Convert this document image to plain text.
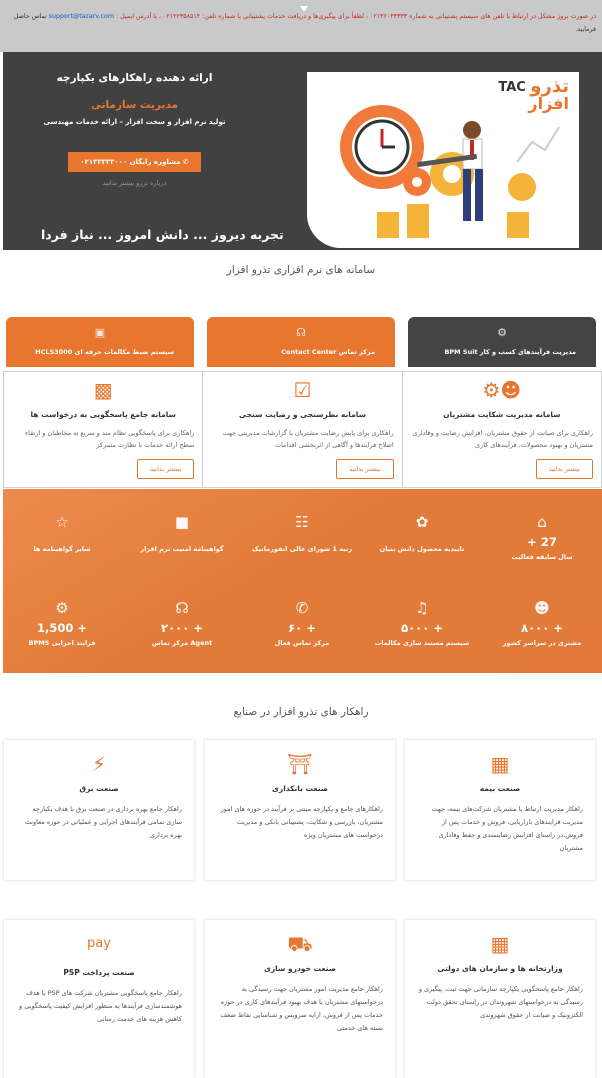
در صورت بروز مشکل در ارتباط با تلفن های سیستم پشتیبانی به شماره ۰۲۱۳۶۰۳۳۳۳۳ ، لطفاً برای پیگیری‌ها و دریافت خدمات پشتیبانی با شماره تلفن: ۰۲۱۲۲۳۵۸۵۱۴ ، یا آدرس ایمیل : support@tazarv.com تماس حاصل فرمایید.
تذرو
افزار
TAC
ارائه دهنده راهکارهای یکپارچه
مدیریت سازمانی
تولید نرم افزار و سخت افزار – ارائه خدمات مهندسی
✆ مشاوره رایگان ۰۲۱۳۳۳۳۳۰۰۰
درباره تزرو بیشتر بدانید
تجربه دیروز ... دانش امروز ... نیاز فردا
سامانه های نرم افزاری تذرو افزار
⚙
مدیریت فرآیندهای کسب و کار BPM Suit
☊
مرکز تماس Contact Center
▣
سیستم ضبط مکالمات حرفه ای HCLS3000
☻⚙
سامانه مدیریت شکایت مشتریان
راهکاری برای صیانت از حقوق مشتریان، افزایش رضایت و وفاداری مشتریان و بهبود محصولات، فرآیندهای کاری
بیشتر بدانید
☑
سامانه نظرسنجی و رضایت سنجی
راهکاری برای پایش رضایت مشتریان با گزارشات مدیریتی جهت اصلاح فرایندها و آگاهی از اثربخشی اقدامات
بیشتر بدانید
▩
سامانه جامع پاسخگویی به درخواست ها
راهکاری برای پاسخگویی نظام مند و سریع به مخاطبان و ارتقاء سطح ارائه خدمات با نظارت متمرکز
بیشتر بدانید
⌂
27 +
سال سابقه فعالیت
✿
تاییدیه محصول دانش بنیان
☷
رتبه 1 شورای عالی انفورماتیک
■
گواهینامه امنیت نرم افزار
☆
سایر گواهینامه ها
☻
+ ۸۰۰۰
مشتری در سراسر کشور
♫
+ ۵۰۰۰
سیستم مستند سازی مکالمات
✆
+ ۶۰
مرکز تماس فعال
☊
+ ۲۰۰۰
Agent مرکز تماس
⚙
+ 1,500
فرایند اجرایی BPMS
راهکار های تذرو افزار در صنایع
▦
صنعت بیمه
راهکار مدیریت ارتباط با مشتریان شرکت‌های بیمه، جهت مدیریت فرایندهای بازاریابی، فروش و خدمات پس از فروش،در راستای افزایش رضایتمندی و حفظ وفاداری مشتریان
⛩
صنعت بانکداری
راهکارهای جامع و یکپارچه مبتنی بر فرآیند در حوزه های امور مشتریان، بازرسی و شکایت، پشتیبانی بانکی و مدیریت درخواست های مشتریان ویژه
⚡
صنعت برق
راهکار جامع بهره برداری در صنعت برق با هدف یکپارچه سازی تمامی فرآیندهای اجرایی و عملیاتی در حوزه معاونت بهره برداری
▦
وزارتخانه ها و سازمان های دولتی
راهکار جامع پاسخگویی یکپارچه سازمانی جهت ثبت، پیگیری و رسیدگی به درخواستهای شهروندان در راستای تحقق دولت الکترونیک و صیانت از حقوق شهروندی
⛟
صنعت خودرو سازی
راهکار جامع مدیریت امور مشتریان جهت رسیدگی به درخواستهای مشتریان با هدف بهبود فرآیندهای کاری در حوزه خدمات پس از فروش، ارایه سرویس و شناسایی نقاط ضعف بسته های خدمتی
pay
صنعت پرداخت PSP
راهکار جامع پاسخگویی مشتریان شرکت های PSP با هدف هوشمندسازی فرآیندها به منظور افزایش کیفیت پاسخگویی و کاهش هزینه های خدمت رسانی
